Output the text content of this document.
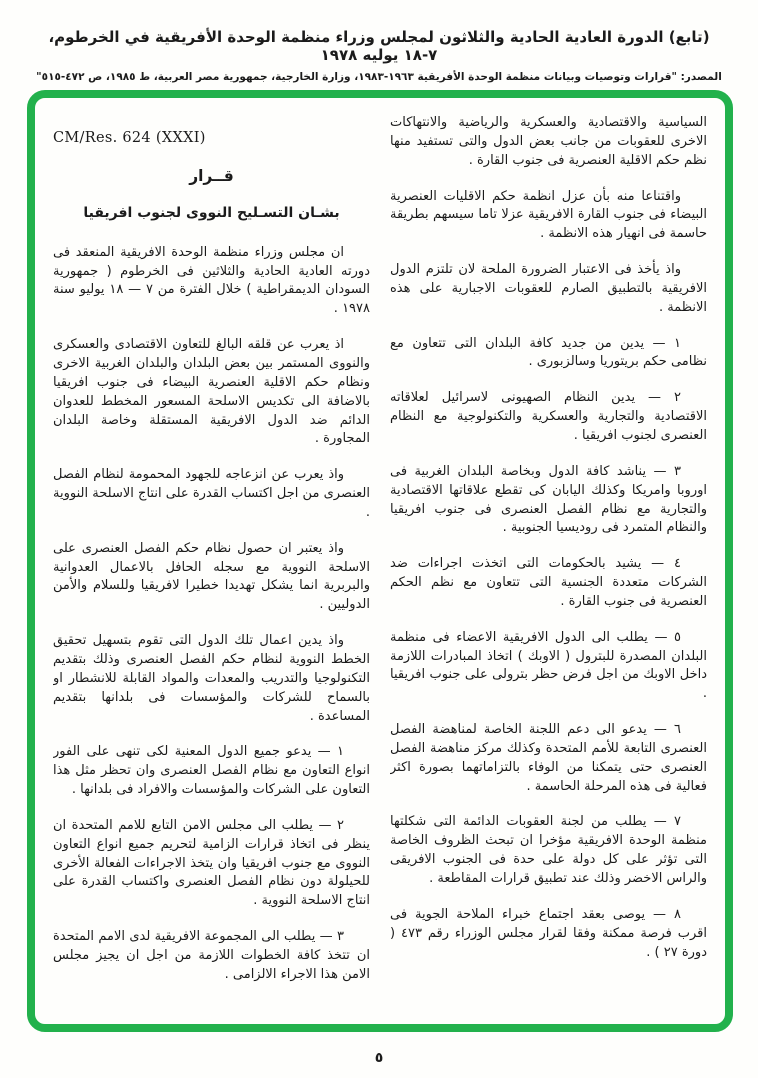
(تابع) الدورة العادية الحادية والثلاثون لمجلس وزراء منظمة الوحدة الأفريقية في الخرطوم، ٧-١٨ يوليه ١٩٧٨
المصدر: "قرارات وتوصيات وبيانات منظمة الوحدة الأفريقية ١٩٦٣-١٩٨٣، وزارة الخارجية، جمهورية مصر العربية، ط ١٩٨٥، ص ٤٧٢-٥١٥"

السياسية والاقتصادية والعسكرية والرياضية والانتهاكات الاخرى للعقوبات من جانب بعض الدول والتى تستفيد منها نظم حكم الاقلية العنصرية فى جنوب القارة .

واقتناعا منه بأن عزل انظمة حكم الاقليات العنصرية البيضاء فى جنوب القارة الافريقية عزلا تاما سيسهم بطريقة حاسمة فى انهيار هذه الانظمة .

واذ يأخذ فى الاعتبار الضرورة الملحة لان تلتزم الدول الافريقية بالتطبيق الصارم للعقوبات الاجبارية على هذه الانظمة .

١ — يدين من جديد كافة البلدان التى تتعاون مع نظامى حكم بريتوريا وسالزبورى .

٢ — يدين النظام الصهيونى لاسرائيل لعلاقاته الاقتصادية والتجارية والعسكرية والتكنولوجية مع النظام العنصرى لجنوب افريقيا .

٣ — يناشد كافة الدول وبخاصة البلدان الغربية فى اوروبا وامريكا وكذلك اليابان كى تقطع علاقاتها الاقتصادية والتجارية مع نظام الفصل العنصرى فى جنوب افريقيا والنظام المتمرد فى روديسيا الجنوبية .

٤ — يشيد بالحكومات التى اتخذت اجراءات ضد الشركات متعددة الجنسية التى تتعاون مع نظم الحكم العنصرية فى جنوب القارة .

٥ — يطلب الى الدول الافريقية الاعضاء فى منظمة البلدان المصدرة للبترول ( الاوبك ) اتخاذ المبادرات اللازمة داخل الاوبك من اجل فرض حظر بترولى على جنوب افريقيا .

٦ — يدعو الى دعم اللجنة الخاصة لمناهضة الفصل العنصرى التابعة للأمم المتحدة وكذلك مركز مناهضة الفصل العنصرى حتى يتمكنا من الوفاء بالتزاماتهما بصورة اكثر فعالية فى هذه المرحلة الحاسمة .

٧ — يطلب من لجنة العقوبات الدائمة التى شكلتها منظمة الوحدة الافريقية مؤخرا ان تبحث الظروف الخاصة التى تؤثر على كل دولة على حدة فى الجنوب الافريقى والراس الاخضر وذلك عند تطبيق قرارات المقاطعة .

٨ — يوصى بعقد اجتماع خبراء الملاحة الجوية فى اقرب فرصة ممكنة وفقا لقرار مجلس الوزراء رقم ٤٧٣ ( دورة ٢٧ ) .

CM/Res. 624 (XXXI)
قــرار
بشـان التسـليح النووى لجنوب افريقيا

ان مجلس وزراء منظمة الوحدة الافريقية المنعقد فى دورته العادية الحادية والثلاثين فى الخرطوم ( جمهورية السودان الديمقراطية ) خلال الفترة من ٧ — ١٨ يوليو سنة ١٩٧٨ .

اذ يعرب عن قلقه البالغ للتعاون الاقتصادى والعسكرى والنووى المستمر بين بعض البلدان والبلدان الغربية الاخرى ونظام حكم الاقلية العنصرية البيضاء فى جنوب افريقيا بالاضافة الى تكديس الاسلحة المسعور المخطط للعدوان الدائم ضد الدول الافريقية المستقلة وخاصة البلدان المجاورة .

واذ يعرب عن انزعاجه للجهود المحمومة لنظام الفصل العنصرى من اجل اكتساب القدرة على انتاج الاسلحة النووية .

واذ يعتبر ان حصول نظام حكم الفصل العنصرى على الاسلحة النووية مع سجله الحافل بالاعمال العدوانية والبربرية انما يشكل تهديدا خطيرا لافريقيا وللسلام والأمن الدوليين .

واذ يدين اعمال تلك الدول التى تقوم بتسهيل تحقيق الخطط النووية لنظام حكم الفصل العنصرى وذلك بتقديم التكنولوجيا والتدريب والمعدات والمواد القابلة للانشطار او بالسماح للشركات والمؤسسات فى بلدانها بتقديم المساعدة .

١ — يدعو جميع الدول المعنية لكى تنهى على الفور انواع التعاون مع نظام الفصل العنصرى وان تحظر مثل هذا التعاون على الشركات والمؤسسات والافراد فى بلدانها .

٢ — يطلب الى مجلس الامن التابع للامم المتحدة ان ينظر فى اتخاذ قرارات الزامية لتحريم جميع انواع التعاون النووى مع جنوب افريقيا وان يتخذ الاجراءات الفعالة الأخرى للحيلولة دون نظام الفصل العنصرى واكتساب القدرة على انتاج الاسلحة النووية .

٣ — يطلب الى المجموعة الافريقية لدى الامم المتحدة ان تتخذ كافة الخطوات اللازمة من اجل ان يجيز مجلس الامن هذا الاجراء الالزامى .

٥
